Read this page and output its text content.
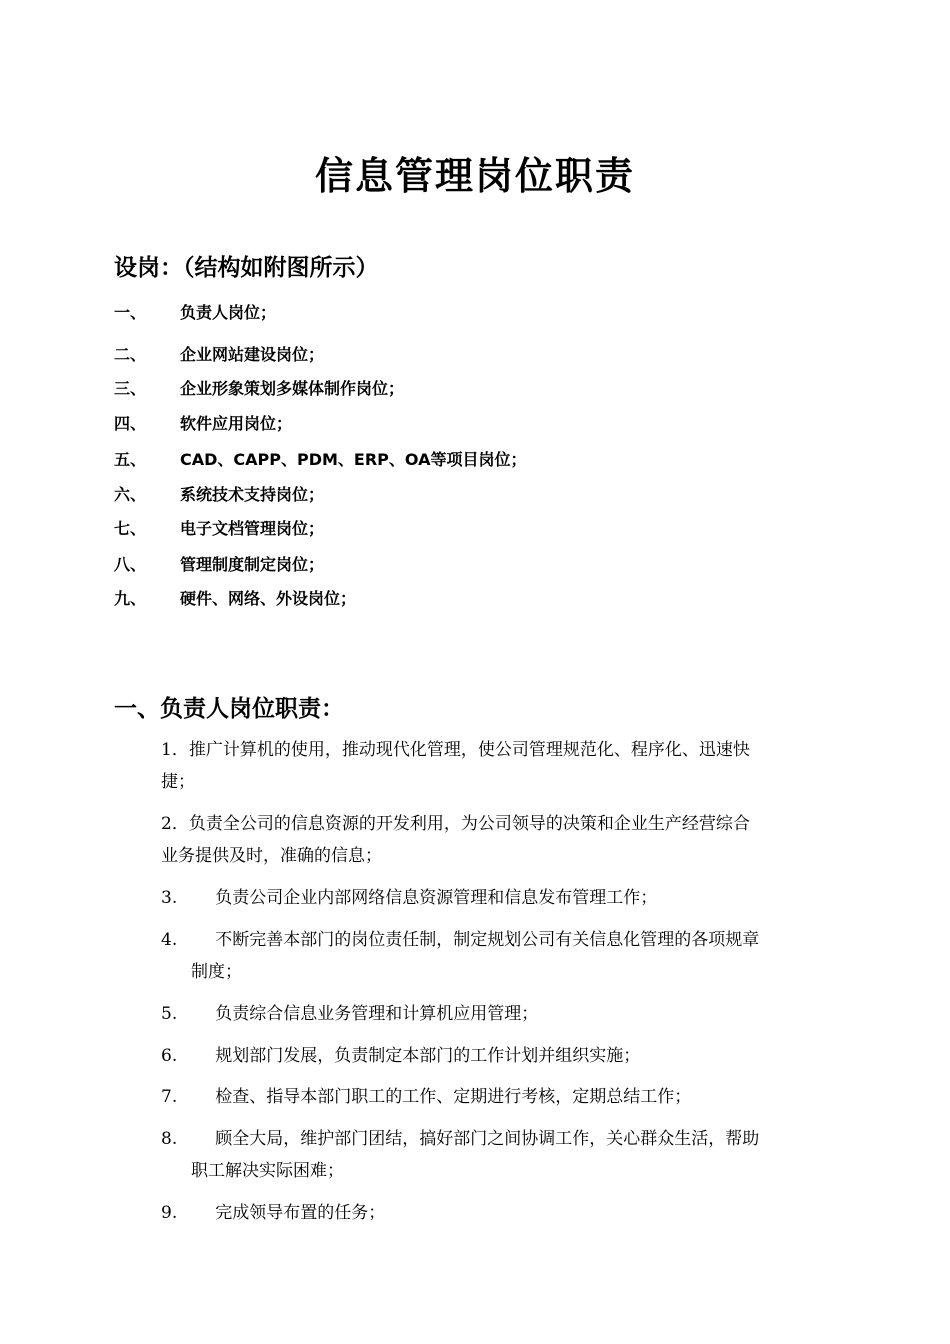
信息管理岗位职责
设岗：（结构如附图所示）
一、 负责人岗位；
二、 企业网站建设岗位；
三、 企业形象策划多媒体制作岗位；
四、 软件应用岗位；
五、 CAD、CAPP、PDM、ERP、OA等项目岗位；
六、 系统技术支持岗位；
七、 电子文档管理岗位；
八、 管理制度制定岗位；
九、 硬件、网络、外设岗位；
一、负责人岗位职责：
1．推广计算机的使用，推动现代化管理，使公司管理规范化、程序化、迅速快
捷；
2．负责全公司的信息资源的开发利用，为公司领导的决策和企业生产经营综合
业务提供及时，准确的信息；
3. 负责公司企业内部网络信息资源管理和信息发布管理工作；
4. 不断完善本部门的岗位责任制，制定规划公司有关信息化管理的各项规章
制度；
5. 负责综合信息业务管理和计算机应用管理；
6. 规划部门发展，负责制定本部门的工作计划并组织实施；
7. 检查、指导本部门职工的工作、定期进行考核，定期总结工作；
8. 顾全大局，维护部门团结，搞好部门之间协调工作，关心群众生活，帮助
职工解决实际困难；
9. 完成领导布置的任务；
